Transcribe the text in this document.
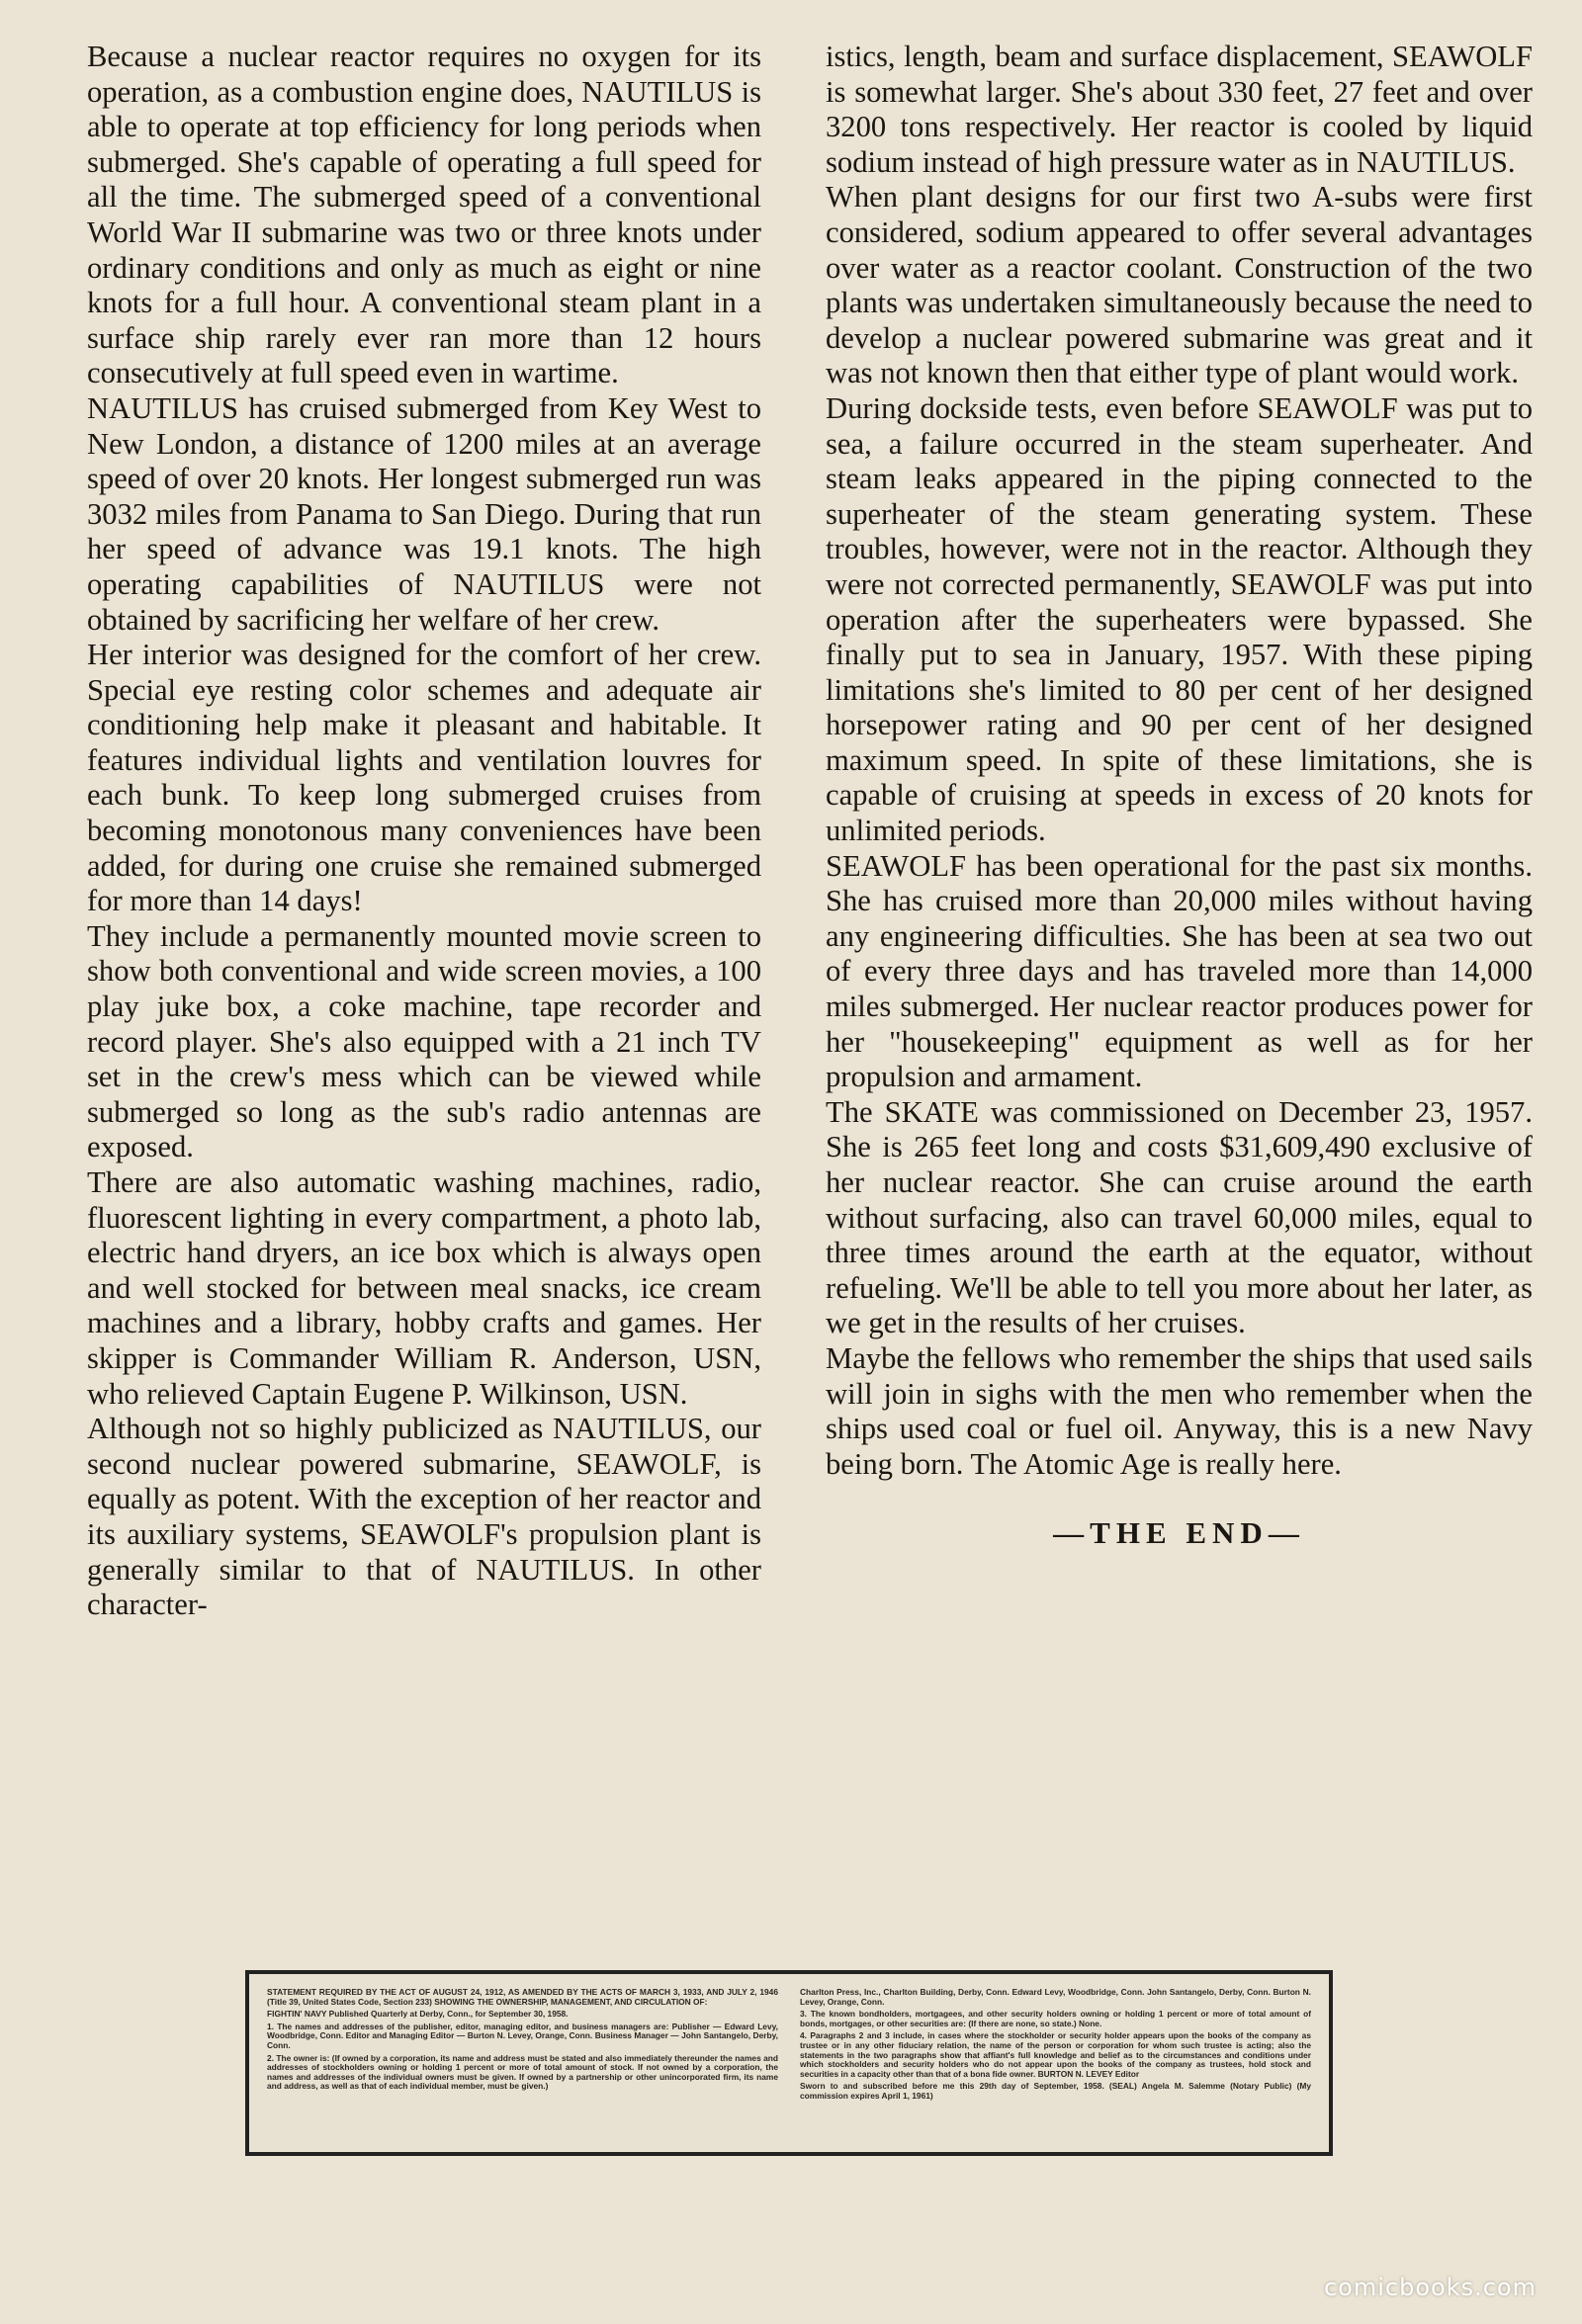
Because a nuclear reactor requires no oxygen for its operation, as a combustion engine does, NAUTILUS is able to operate at top efficiency for long periods when submerged. She's capable of operating a full speed for all the time. The submerged speed of a conventional World War II submarine was two or three knots under ordinary conditions and only as much as eight or nine knots for a full hour. A conventional steam plant in a surface ship rarely ever ran more than 12 hours consecutively at full speed even in wartime.

NAUTILUS has cruised submerged from Key West to New London, a distance of 1200 miles at an average speed of over 20 knots. Her longest submerged run was 3032 miles from Panama to San Diego. During that run her speed of advance was 19.1 knots. The high operating capabilities of NAUTILUS were not obtained by sacrificing her welfare of her crew.

Her interior was designed for the comfort of her crew. Special eye resting color schemes and adequate air conditioning help make it pleasant and habitable. It features individual lights and ventilation louvres for each bunk. To keep long submerged cruises from becoming monotonous many conveniences have been added, for during one cruise she remained submerged for more than 14 days!

They include a permanently mounted movie screen to show both conventional and wide screen movies, a 100 play juke box, a coke machine, tape recorder and record player. She's also equipped with a 21 inch TV set in the crew's mess which can be viewed while submerged so long as the sub's radio antennas are exposed.

There are also automatic washing machines, radio, fluorescent lighting in every compartment, a photo lab, electric hand dryers, an ice box which is always open and well stocked for between meal snacks, ice cream machines and a library, hobby crafts and games. Her skipper is Commander William R. Anderson, USN, who relieved Captain Eugene P. Wilkinson, USN.

Although not so highly publicized as NAUTILUS, our second nuclear powered submarine, SEAWOLF, is equally as potent. With the exception of her reactor and its auxiliary systems, SEAWOLF's propulsion plant is generally similar to that of NAUTILUS. In other character-

istics, length, beam and surface displacement, SEAWOLF is somewhat larger. She's about 330 feet, 27 feet and over 3200 tons respectively. Her reactor is cooled by liquid sodium instead of high pressure water as in NAUTILUS.

When plant designs for our first two A-subs were first considered, sodium appeared to offer several advantages over water as a reactor coolant. Construction of the two plants was undertaken simultaneously because the need to develop a nuclear powered submarine was great and it was not known then that either type of plant would work.

During dockside tests, even before SEAWOLF was put to sea, a failure occurred in the steam superheater. And steam leaks appeared in the piping connected to the superheater of the steam generating system. These troubles, however, were not in the reactor. Although they were not corrected permanently, SEAWOLF was put into operation after the superheaters were bypassed. She finally put to sea in January, 1957. With these piping limitations she's limited to 80 per cent of her designed horsepower rating and 90 per cent of her designed maximum speed. In spite of these limitations, she is capable of cruising at speeds in excess of 20 knots for unlimited periods.

SEAWOLF has been operational for the past six months. She has cruised more than 20,000 miles without having any engineering difficulties. She has been at sea two out of every three days and has traveled more than 14,000 miles submerged. Her nuclear reactor produces power for her "housekeeping" equipment as well as for her propulsion and armament.

The SKATE was commissioned on December 23, 1957. She is 265 feet long and costs $31,609,490 exclusive of her nuclear reactor. She can cruise around the earth without surfacing, also can travel 60,000 miles, equal to three times around the earth at the equator, without refueling. We'll be able to tell you more about her later, as we get in the results of her cruises.

Maybe the fellows who remember the ships that used sails will join in sighs with the men who remember when the ships used coal or fuel oil. Anyway, this is a new Navy being born. The Atomic Age is really here.

—THE END—

STATEMENT REQUIRED BY THE ACT OF AUGUST 24, 1912, AS AMENDED BY THE ACTS OF MARCH 3, 1933, AND JULY 2, 1946 (Title 39, United States Code, Section 233) SHOWING THE OWNERSHIP, MANAGEMENT, AND CIRCULATION OF:

FIGHTIN' NAVY Published Quarterly at Derby, Conn., for September 30, 1958.

1. The names and addresses of the publisher, editor, managing editor, and business managers are: Publisher — Edward Levy, Woodbridge, Conn. Editor and Managing Editor — Burton N. Levey, Orange, Conn. Business Manager — John Santangelo, Derby, Conn.

2. The owner is: (If owned by a corporation, its name and address must be stated and also immediately thereunder the names and addresses of stockholders owning or holding 1 percent or more of total amount of stock. If not owned by a corporation, the names and addresses of the individual owners must be given. If owned by a partnership or other unincorporated firm, its name and address, as well as that of each individual member, must be given.)

Charlton Press, Inc., Charlton Building, Derby, Conn. Edward Levy, Woodbridge, Conn. John Santangelo, Derby, Conn. Burton N. Levey, Orange, Conn.

3. The known bondholders, mortgagees, and other security holders owning or holding 1 percent or more of total amount of bonds, mortgages, or other securities are: (If there are none, so state.) None.

4. Paragraphs 2 and 3 include, in cases where the stockholder or security holder appears upon the books of the company as trustee or in any other fiduciary relation, the name of the person or corporation for whom such trustee is acting; also the statements in the two paragraphs show that affiant's full knowledge and belief as to the circumstances and conditions under which stockholders and security holders who do not appear upon the books of the company as trustees, hold stock and securities in a capacity other than that of a bona fide owner. BURTON N. LEVEY Editor

Sworn to and subscribed before me this 29th day of September, 1958. (SEAL) Angela M. Salemme (Notary Public) (My commission expires April 1, 1961)

comicbooks.com
